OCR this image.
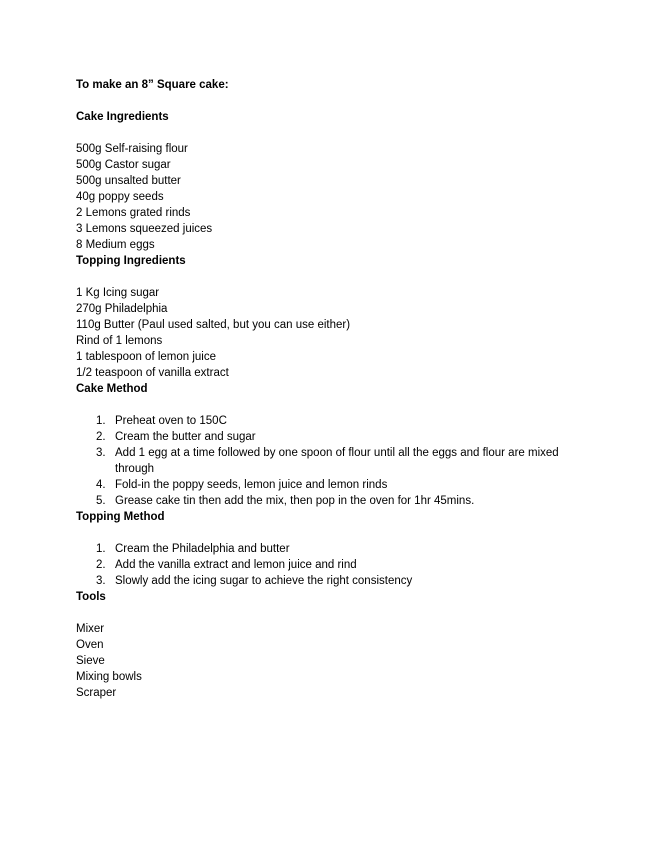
To make an 8” Square cake:
Cake Ingredients
500g Self-raising flour
500g Castor sugar
500g unsalted butter
40g poppy seeds
2 Lemons grated rinds
3 Lemons squeezed juices
8 Medium eggs
Topping Ingredients
1 Kg Icing sugar
270g Philadelphia
110g Butter (Paul used salted, but you can use either)
Rind of 1 lemons
1 tablespoon of lemon juice
1/2 teaspoon of vanilla extract
Cake Method
1. Preheat oven to 150C
2. Cream the butter and sugar
3. Add 1 egg at a time followed by one spoon of flour until all the eggs and flour are mixed through
4. Fold-in the poppy seeds, lemon juice and lemon rinds
5. Grease cake tin then add the mix, then pop in the oven for 1hr 45mins.
Topping Method
1. Cream the Philadelphia and butter
2. Add the vanilla extract and lemon juice and rind
3. Slowly add the icing sugar to achieve the right consistency
Tools
Mixer
Oven
Sieve
Mixing bowls
Scraper
